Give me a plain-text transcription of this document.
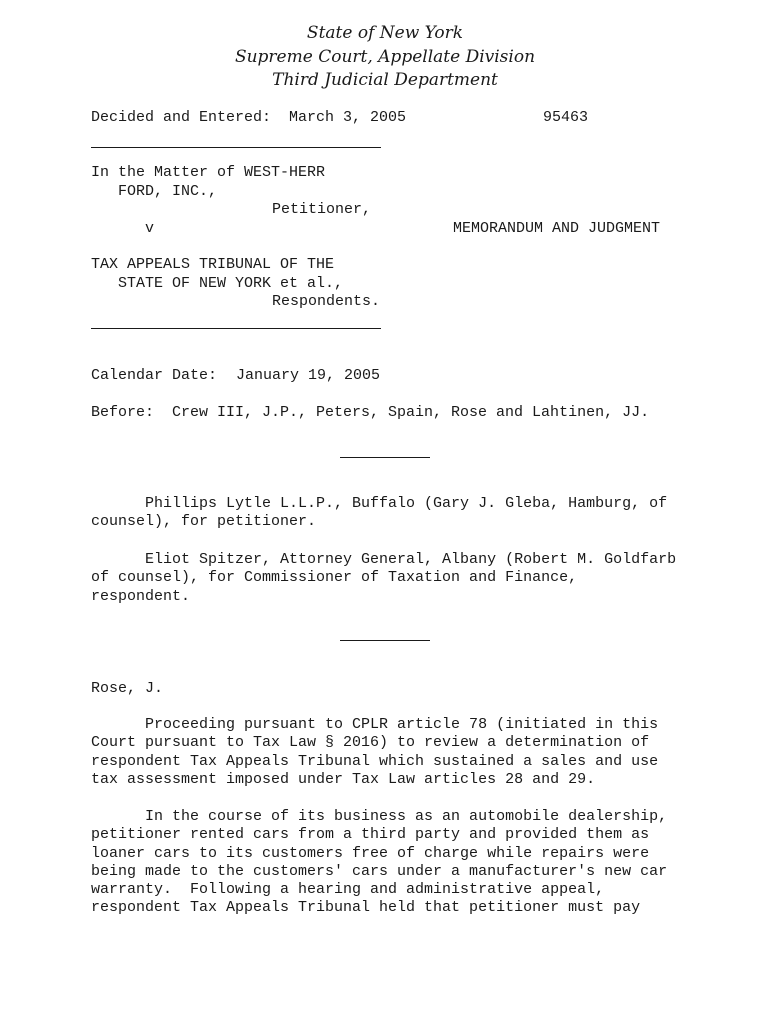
State of New York
Supreme Court, Appellate Division
Third Judicial Department
Decided and Entered: March 3, 2005	95463
In the Matter of WEST-HERR
FORD, INC.,
Petitioner,
v	MEMORANDUM AND JUDGMENT
TAX APPEALS TRIBUNAL OF THE
STATE OF NEW YORK et al.,
Respondents.
Calendar Date: January 19, 2005
Before: Crew III, J.P., Peters, Spain, Rose and Lahtinen, JJ.
Phillips Lytle L.L.P., Buffalo (Gary J. Gleba, Hamburg, of
counsel), for petitioner.
Eliot Spitzer, Attorney General, Albany (Robert M. Goldfarb
of counsel), for Commissioner of Taxation and Finance,
respondent.
Rose, J.
Proceeding pursuant to CPLR article 78 (initiated in this
Court pursuant to Tax Law § 2016) to review a determination of
respondent Tax Appeals Tribunal which sustained a sales and use
tax assessment imposed under Tax Law articles 28 and 29.
In the course of its business as an automobile dealership,
petitioner rented cars from a third party and provided them as
loaner cars to its customers free of charge while repairs were
being made to the customers' cars under a manufacturer's new car
warranty.  Following a hearing and administrative appeal,
respondent Tax Appeals Tribunal held that petitioner must pay
